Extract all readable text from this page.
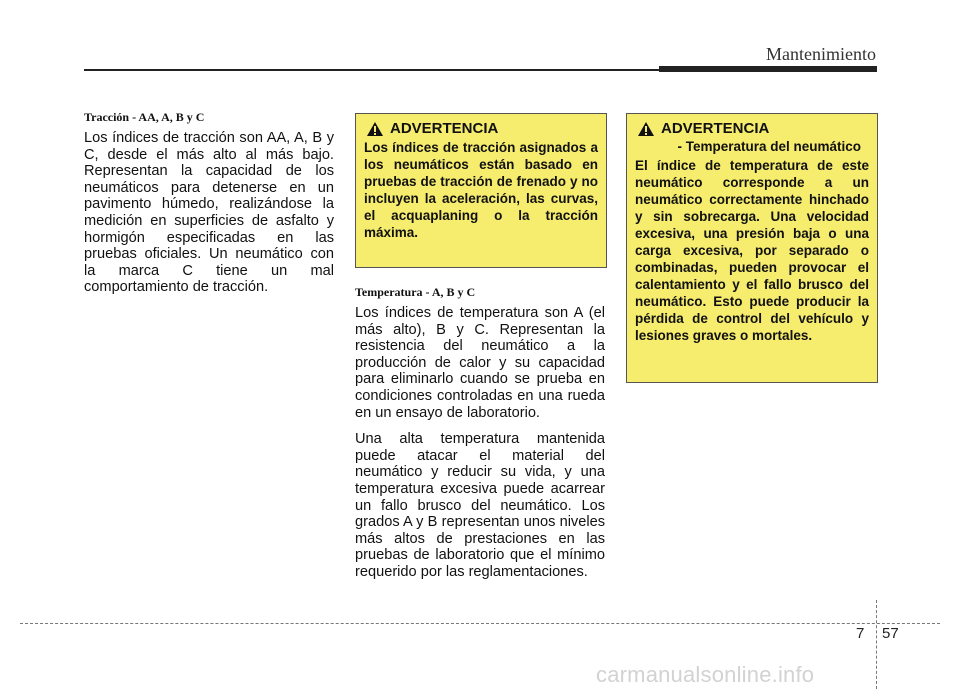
Mantenimiento
Tracción - AA, A, B y C

Los índices de tracción son AA, A, B y C, desde el más alto al más bajo. Representan la capacidad de los neumáticos para detenerse en un pavimento húmedo, realizándose la medición en superficies de asfalto y hormigón especificadas en las pruebas oficiales. Un neumático con la marca C tiene un mal comportamiento de tracción.

ADVERTENCIA

Los índices de tracción asignados a los neumáticos están basado en pruebas de tracción de frenado y no incluyen la aceleración, las curvas, el acquaplaning o la tracción máxima.

Temperatura - A, B y C

Los índices de temperatura son A (el más alto), B y C. Representan la resistencia del neumático a la producción de calor y su capacidad para eliminarlo cuando se prueba en condiciones controladas en una rueda en un ensayo de laboratorio.

Una alta temperatura mantenida puede atacar el material del neumático y reducir su vida, y una temperatura excesiva puede acarrear un fallo brusco del neumático. Los grados A y B representan unos niveles más altos de prestaciones en las pruebas de laboratorio que el mínimo requerido por las reglamentaciones.

ADVERTENCIA
- Temperatura del neumático

El índice de temperatura de este neumático corresponde a un neumático correctamente hinchado y sin sobrecarga. Una velocidad excesiva, una presión baja o una carga excesiva, por separado o combinadas, pueden provocar el calentamiento y el fallo brusco del neumático. Esto puede producir la pérdida de control del vehículo y lesiones graves o mortales.

7 57
carmanualsonline.info
